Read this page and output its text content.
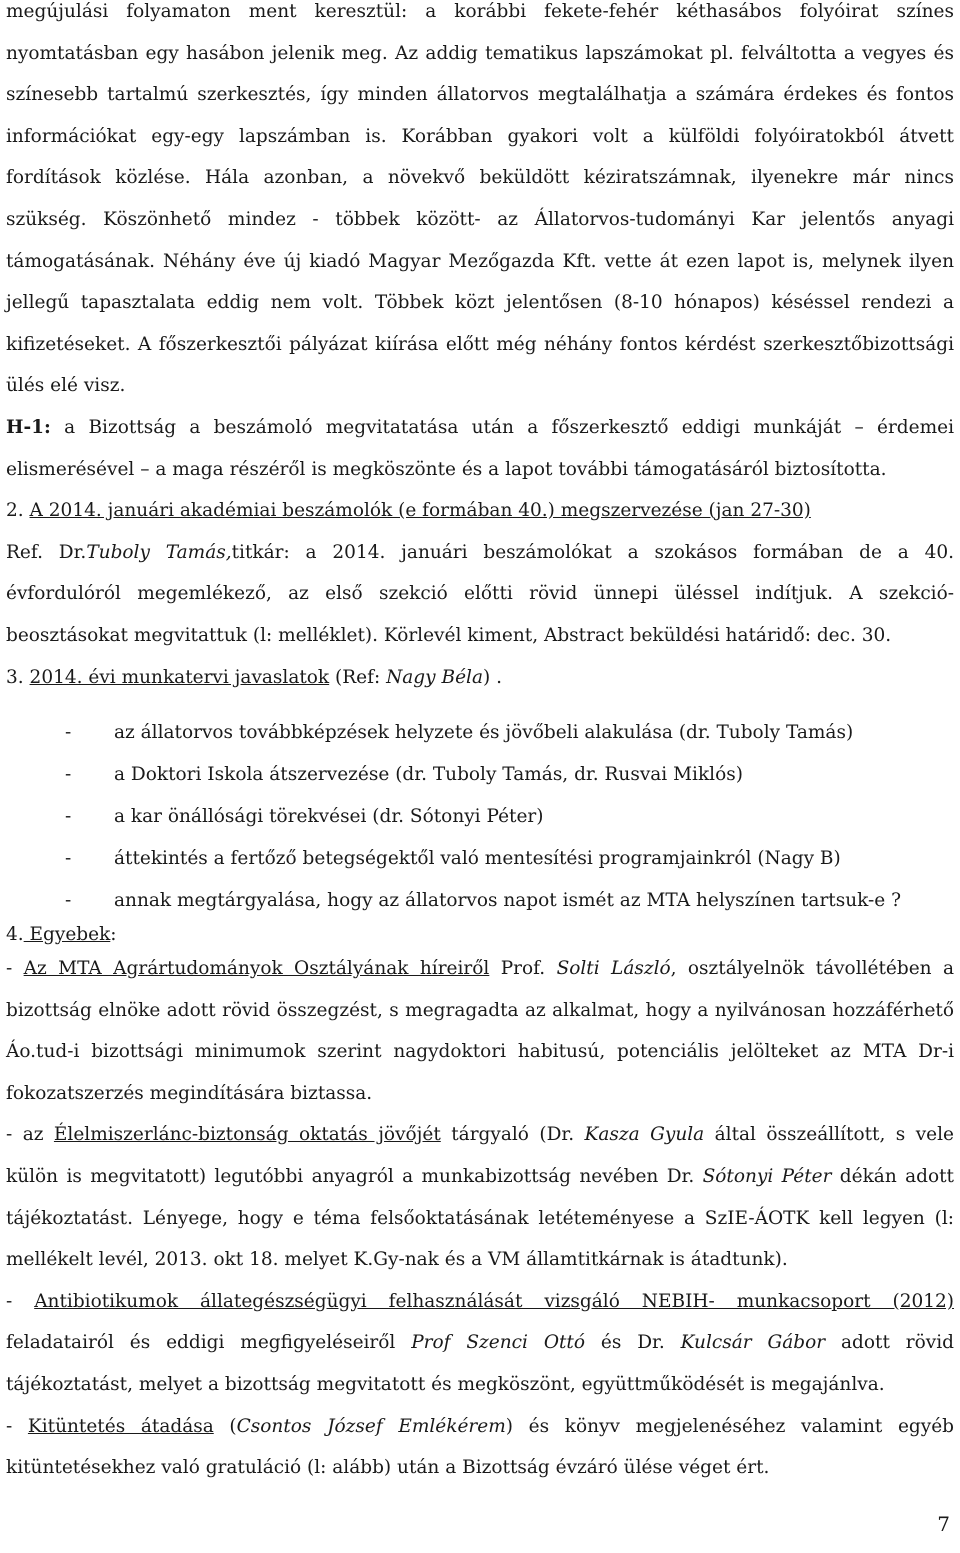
megújulási folyamaton ment keresztül: a korábbi fekete-fehér kéthasábos folyóirat színes nyomtatásban egy hasábon jelenik meg. Az addig tematikus lapszámokat pl. felváltotta a vegyes és színesebb tartalmú szerkesztés, így minden állatorvos megtalálhatja a számára érdekes és fontos információkat egy-egy lapszámban is. Korábban gyakori volt a külföldi folyóiratokból átvett fordítások közlése. Hála azonban, a növekvő beküldött kéziratszámnak, ilyenekre már nincs szükség. Köszönhető mindez - többek között- az Állatorvos-tudományi Kar jelentős anyagi támogatásának. Néhány éve új kiadó Magyar Mezőgazda Kft. vette át ezen lapot is, melynek ilyen jellegű tapasztalata eddig nem volt. Többek közt jelentősen (8-10 hónapos) késéssel rendezi a kifizetéseket. A főszerkesztői pályázat kiírása előtt még néhány fontos kérdést szerkesztőbizottsági ülés elé visz.

H-1: a Bizottság a beszámoló megvitatatása után a főszerkesztő eddigi munkáját – érdemei elismerésével – a maga részéről is megköszönte és a lapot további támogatásáról biztosította.

2. A 2014. januári akadémiai beszámolók (e formában 40.) megszervezése (jan 27-30)

Ref. Dr.Tuboly Tamás,titkár: a 2014. januári beszámolókat a szokásos formában de a 40. évfordulóról megemlékező, az első szekció előtti rövid ünnepi üléssel indítjuk. A szekció- beosztásokat megvitattuk (l: melléklet). Körlevél kiment, Abstract beküldési határidő: dec. 30.

3. 2014. évi munkatervi javaslatok (Ref: Nagy Béla) .

- az állatorvos továbbképzések helyzete és jövőbeli alakulása (dr. Tuboly Tamás)
- a Doktori Iskola átszervezése (dr. Tuboly Tamás, dr. Rusvai Miklós)
- a kar önállósági törekvései (dr. Sótonyi Péter)
- áttekintés a fertőző betegségektől való mentesítési programjainkról (Nagy B)
- annak megtárgyalása, hogy az állatorvos napot ismét az MTA helyszínen tartsuk-e ?

4. Egyebek:

- Az MTA Agrártudományok Osztályának híreiről Prof. Solti László, osztályelnök távollétében a bizottság elnöke adott rövid összegzést, s megragadta az alkalmat, hogy a nyilvánosan hozzáférhető Áo.tud-i bizottsági minimumok szerint nagydoktori habitusú, potenciális jelölteket az MTA Dr-i fokozatszerzés megindítására biztassa.

- az Élelmiszerlánc-biztonság oktatás jövőjét tárgyaló (Dr. Kasza Gyula által összeállított, s vele külön is megvitatott) legutóbbi anyagról a munkabizottság nevében Dr. Sótonyi Péter dékán adott tájékoztatást. Lényege, hogy e téma felsőoktatásának letéteményese a SzIE-ÁOTK kell legyen (l: mellékelt levél, 2013. okt 18. melyet K.Gy-nak és a VM államtitkárnak is átadtunk).

- Antibiotikumok állategészségügyi felhasználását vizsgáló NEBIH- munkacsoport (2012) feladatairól és eddigi megfigyeléseiről Prof Szenci Ottó és Dr. Kulcsár Gábor adott rövid tájékoztatást, melyet a bizottság megvitatott és megköszönt, együttműködését is megajánlva.

- Kitüntetés átadása (Csontos József Emlékérem) és könyv megjelenéséhez valamint egyéb kitüntetésekhez való gratuláció (l: alább) után a Bizottság évzáró ülése véget ért.

7
